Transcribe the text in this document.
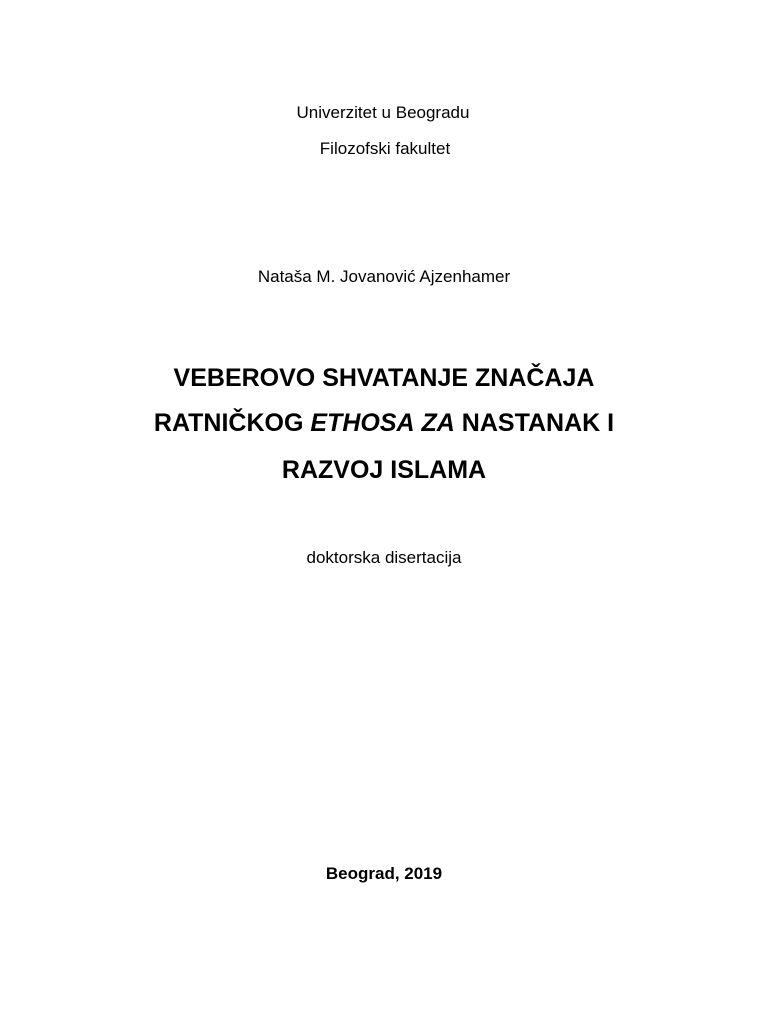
Univerzitet u Beogradu
Filozofski fakultet
Nataša M. Jovanović Ajzenhamer
VEBEROVO SHVATANJE ZNAČAJA
RATNIČKOG ETHOSA ZA NASTANAK I
RAZVOJ ISLAMA
doktorska disertacija
Beograd, 2019
